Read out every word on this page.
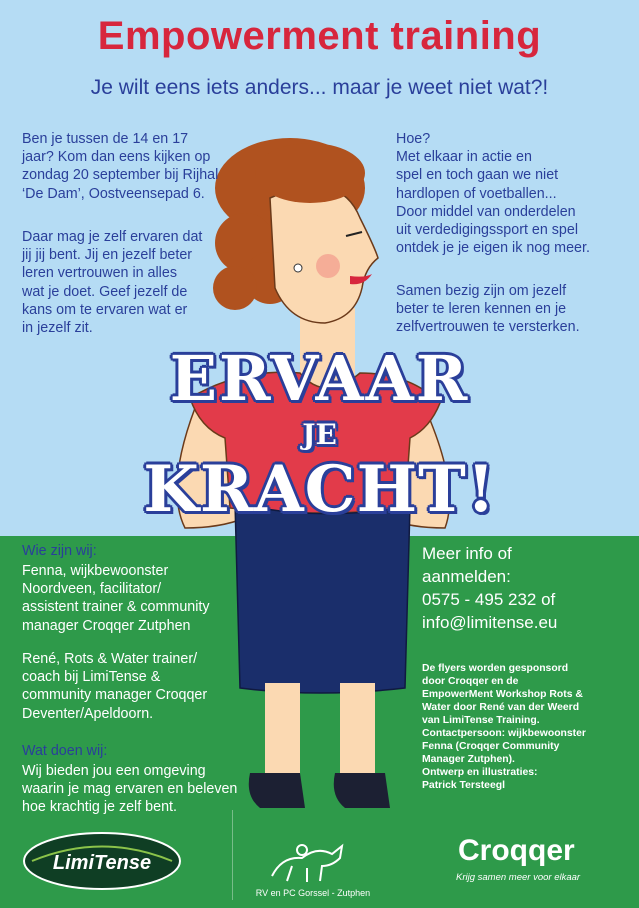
Empowerment training
Je wilt eens iets anders... maar je weet niet wat?!
Ben je tussen de 14 en 17
jaar? Kom dan eens kijken op
zondag 20 september bij Rijhal
‘De Dam’, Oostveensepad 6.
Daar mag je zelf ervaren dat
jij jij bent. Jij en jezelf beter
leren vertrouwen in alles
wat je doet. Geef jezelf de
kans om te ervaren wat er
in jezelf zit.
Hoe?
Met elkaar in actie en
spel en toch gaan we niet
hardlopen of voetballen...
Door middel van onderdelen
uit verdedigingssport en spel
ontdek je je eigen ik nog meer.
Samen bezig zijn om jezelf
beter te leren kennen en je
zelfvertrouwen te versterken.
ERVAAR
JE
KRACHT!
Wie zijn wij:
Fenna, wijkbewoonster
Noordveen, facilitator/
assistent trainer & community
manager Croqqer Zutphen
René, Rots & Water trainer/
coach bij LimiTense &
community manager Croqqer
Deventer/Apeldoorn.
Wat doen wij:
Wij bieden jou een omgeving
waarin je mag ervaren en beleven
hoe krachtig je zelf bent.
Meer info of
aanmelden:
0575 - 495 232 of
info@limitense.eu
De flyers worden gesponsord
door Croqqer en de
EmpowerMent Workshop Rots &
Water door René van der Weerd
van LimiTense Training.
Contactpersoon: wijkbewoonster
Fenna (Croqqer Community
Manager Zutphen).
Ontwerp en illustraties:
Patrick Tersteegl
LimiTense
RV en PC Gorssel - Zutphen
Croqqer
Krijg samen meer voor elkaar
